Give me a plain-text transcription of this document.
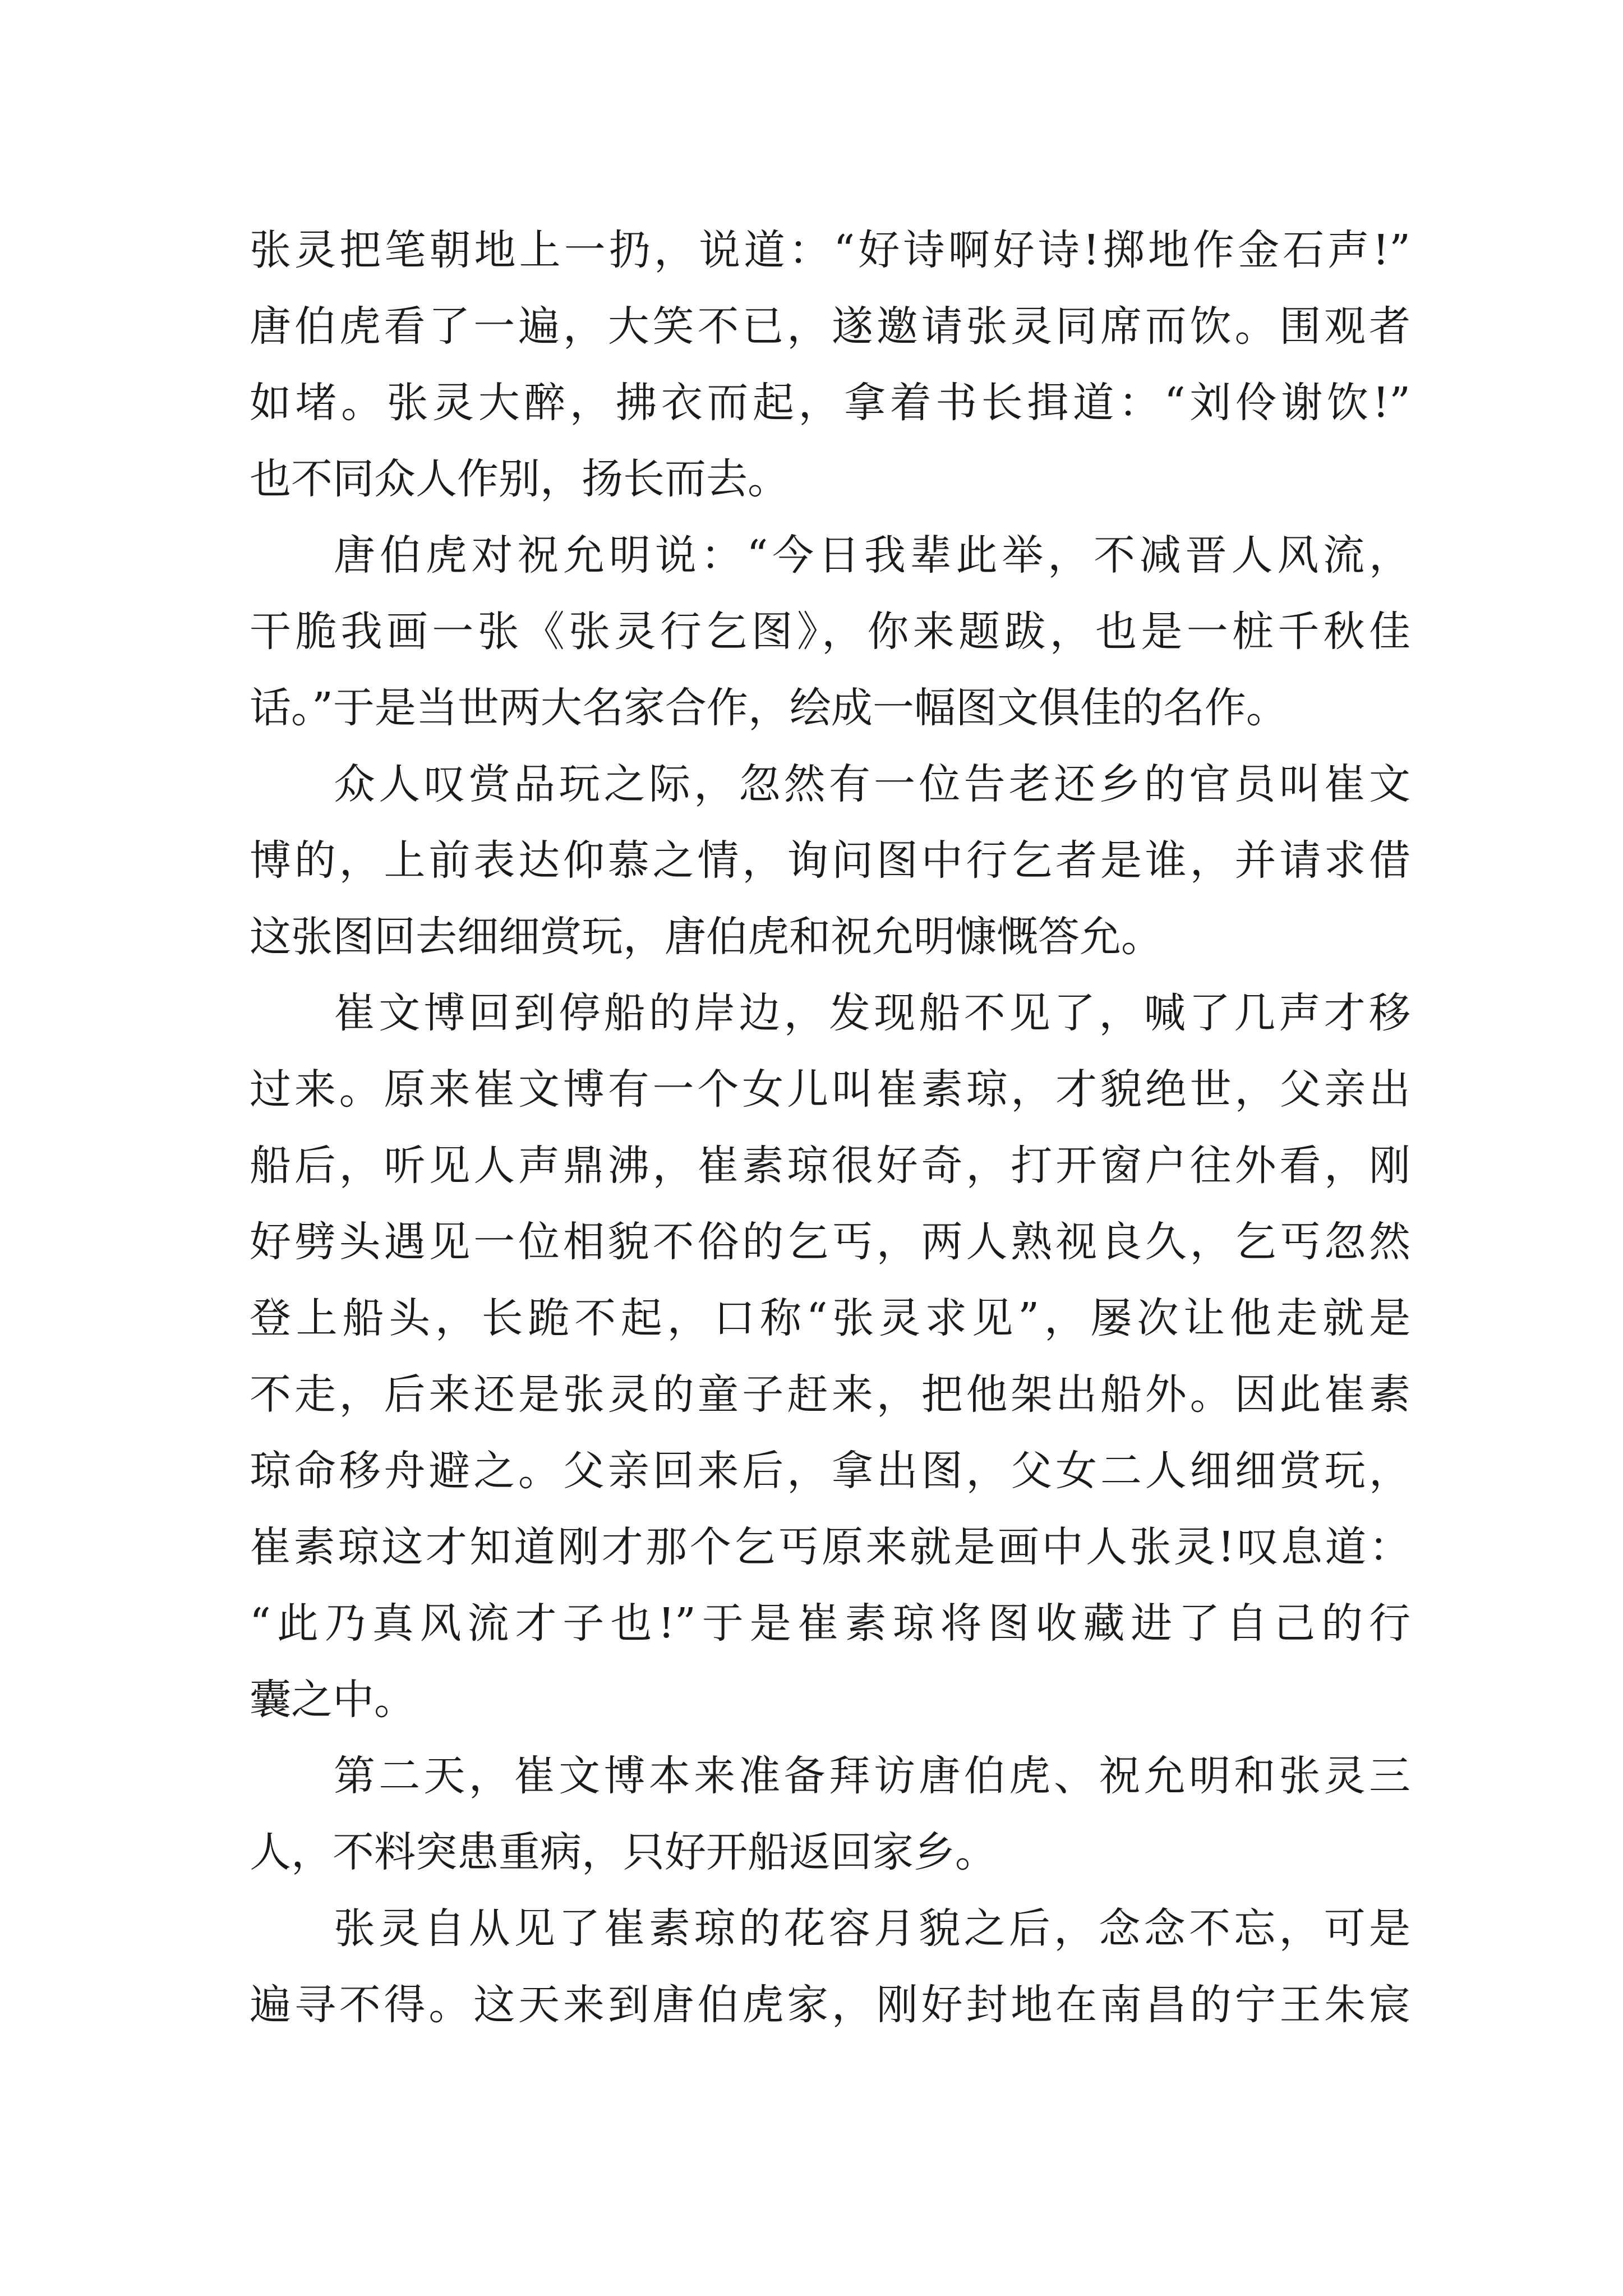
张灵把笔朝地上一扔，说道：“好诗啊好诗!掷地作金石声!”
唐伯虎看了一遍，大笑不已，遂邀请张灵同席而饮。围观者
如堵。张灵大醉，拂衣而起，拿着书长揖道：“刘伶谢饮!”
也不同众人作别，扬长而去。
唐伯虎对祝允明说：“今日我辈此举，不减晋人风流，
干脆我画一张《张灵行乞图》，你来题跋，也是一桩千秋佳
话。”于是当世两大名家合作，绘成一幅图文俱佳的名作。
众人叹赏品玩之际，忽然有一位告老还乡的官员叫崔文
博的，上前表达仰慕之情，询问图中行乞者是谁，并请求借
这张图回去细细赏玩，唐伯虎和祝允明慷慨答允。
崔文博回到停船的岸边，发现船不见了，喊了几声才移
过来。原来崔文博有一个女儿叫崔素琼，才貌绝世，父亲出
船后，听见人声鼎沸，崔素琼很好奇，打开窗户往外看，刚
好劈头遇见一位相貌不俗的乞丐，两人熟视良久，乞丐忽然
登上船头，长跪不起，口称“张灵求见”，屡次让他走就是
不走，后来还是张灵的童子赶来，把他架出船外。因此崔素
琼命移舟避之。父亲回来后，拿出图，父女二人细细赏玩，
崔素琼这才知道刚才那个乞丐原来就是画中人张灵!叹息道：
“此乃真风流才子也!”于是崔素琼将图收藏进了自己的行
囊之中。
第二天，崔文博本来准备拜访唐伯虎、祝允明和张灵三
人，不料突患重病，只好开船返回家乡。
张灵自从见了崔素琼的花容月貌之后，念念不忘，可是
遍寻不得。这天来到唐伯虎家，刚好封地在南昌的宁王朱宸
